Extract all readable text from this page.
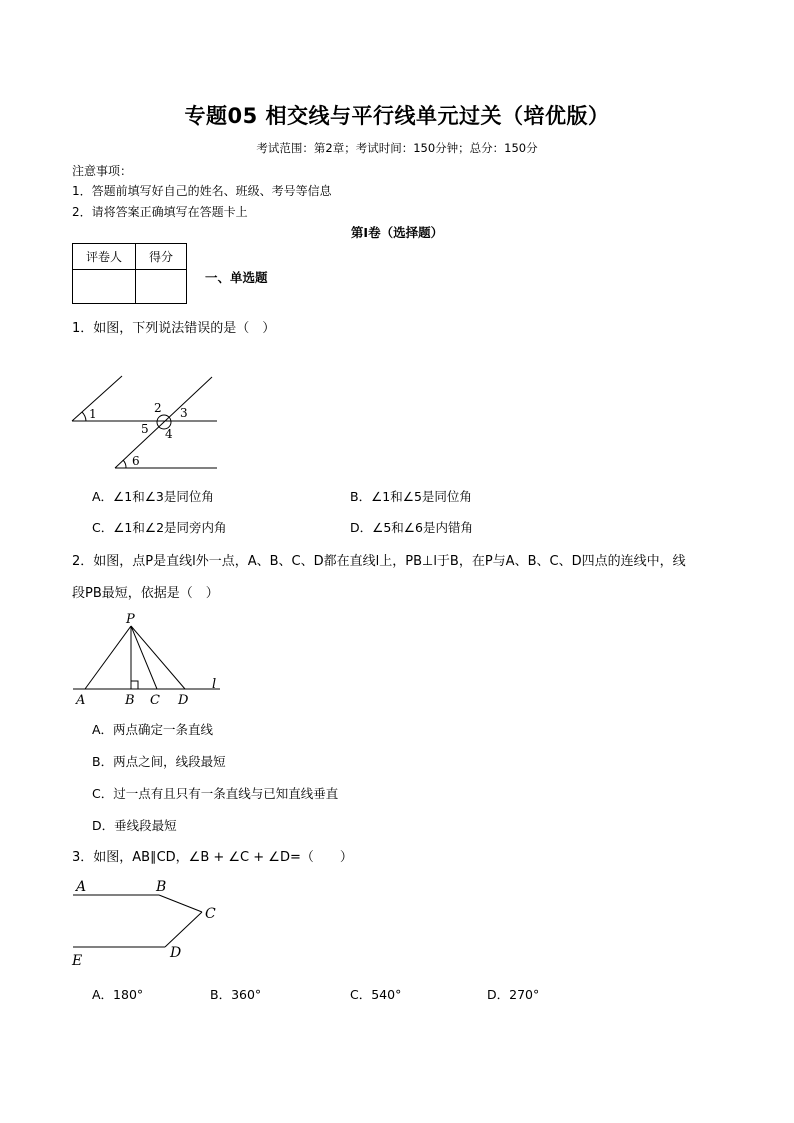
专题05 相交线与平行线单元过关（培优版）
考试范围：第2章；考试时间：150分钟；总分：150分
注意事项：
1．答题前填写好自己的姓名、班级、考号等信息
2．请将答案正确填写在答题卡上
第I卷（选择题）
评卷人	得分

一、单选题
1．如图，下列说法错误的是（　）
1	2 3
4
5
6
A．∠1和∠3是同位角	B．∠1和∠5是同位角
C．∠1和∠2是同旁内角	D．∠5和∠6是内错角
2．如图，点P是直线l外一点，A、B、C、D都在直线l上，PB⊥l于B，在P与A、B、C、D四点的连线中，线
段PB最短，依据是（　）
P
A	B C D
l
A．两点确定一条直线
B．两点之间，线段最短
C．过一点有且只有一条直线与已知直线垂直
D．垂线段最短
3．如图，AB∥CD，∠B + ∠C + ∠D=（　　）
A	B
C
D
E
A．180°	B．360°	C．540°	D．270°
